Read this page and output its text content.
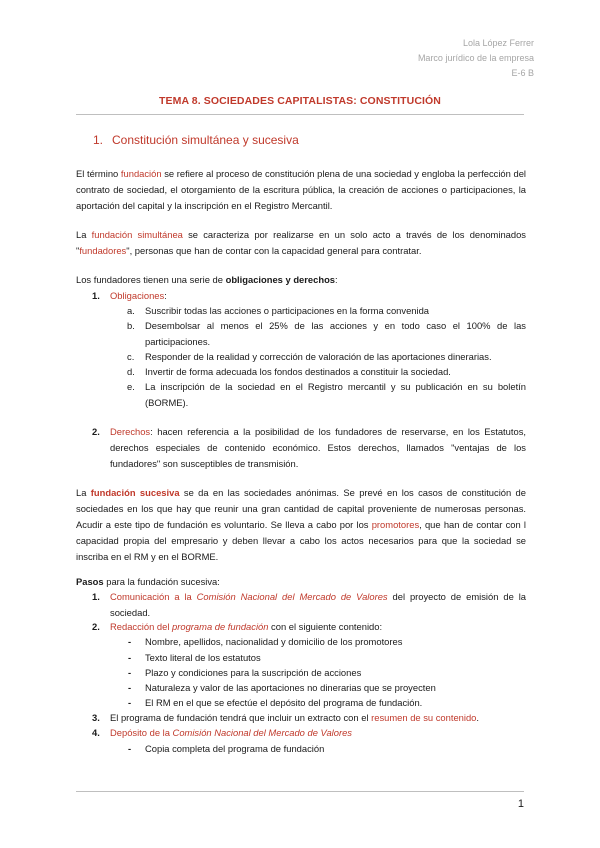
Lola López Ferrer
Marco jurídico de la empresa
E-6 B
TEMA 8. SOCIEDADES CAPITALISTAS: CONSTITUCIÓN
1. Constitución simultánea y sucesiva
El término fundación se refiere al proceso de constitución plena de una sociedad y engloba la perfección del contrato de sociedad, el otorgamiento de la escritura pública, la creación de acciones o participaciones, la aportación del capital y la inscripción en el Registro Mercantil.
La fundación simultánea se caracteriza por realizarse en un solo acto a través de los denominados "fundadores", personas que han de contar con la capacidad general para contratar.
Los fundadores tienen una serie de obligaciones y derechos:
1. Obligaciones:
a. Suscribir todas las acciones o participaciones en la forma convenida
b. Desembolsar al menos el 25% de las acciones y en todo caso el 100% de las participaciones.
c. Responder de la realidad y corrección de valoración de las aportaciones dinerarias.
d. Invertir de forma adecuada los fondos destinados a constituir la sociedad.
e. La inscripción de la sociedad en el Registro mercantil y su publicación en su boletín (BORME).
2. Derechos: hacen referencia a la posibilidad de los fundadores de reservarse, en los Estatutos, derechos especiales de contenido económico. Estos derechos, llamados "ventajas de los fundadores" son susceptibles de transmisión.
La fundación sucesiva se da en las sociedades anónimas. Se prevé en los casos de constitución de sociedades en los que hay que reunir una gran cantidad de capital proveniente de numerosas personas. Acudir a este tipo de fundación es voluntario. Se lleva a cabo por los promotores, que han de contar con l capacidad propia del empresario y deben llevar a cabo los actos necesarios para que la sociedad se inscriba en el RM y en el BORME.
Pasos para la fundación sucesiva:
1. Comunicación a la Comisión Nacional del Mercado de Valores del proyecto de emisión de la sociedad.
2. Redacción del programa de fundación con el siguiente contenido:
- Nombre, apellidos, nacionalidad y domicilio de los promotores
- Texto literal de los estatutos
- Plazo y condiciones para la suscripción de acciones
- Naturaleza y valor de las aportaciones no dinerarias que se proyecten
- El RM en el que se efectúe el depósito del programa de fundación.
3. El programa de fundación tendrá que incluir un extracto con el resumen de su contenido.
4. Depósito de la Comisión Nacional del Mercado de Valores
- Copia completa del programa de fundación
1
